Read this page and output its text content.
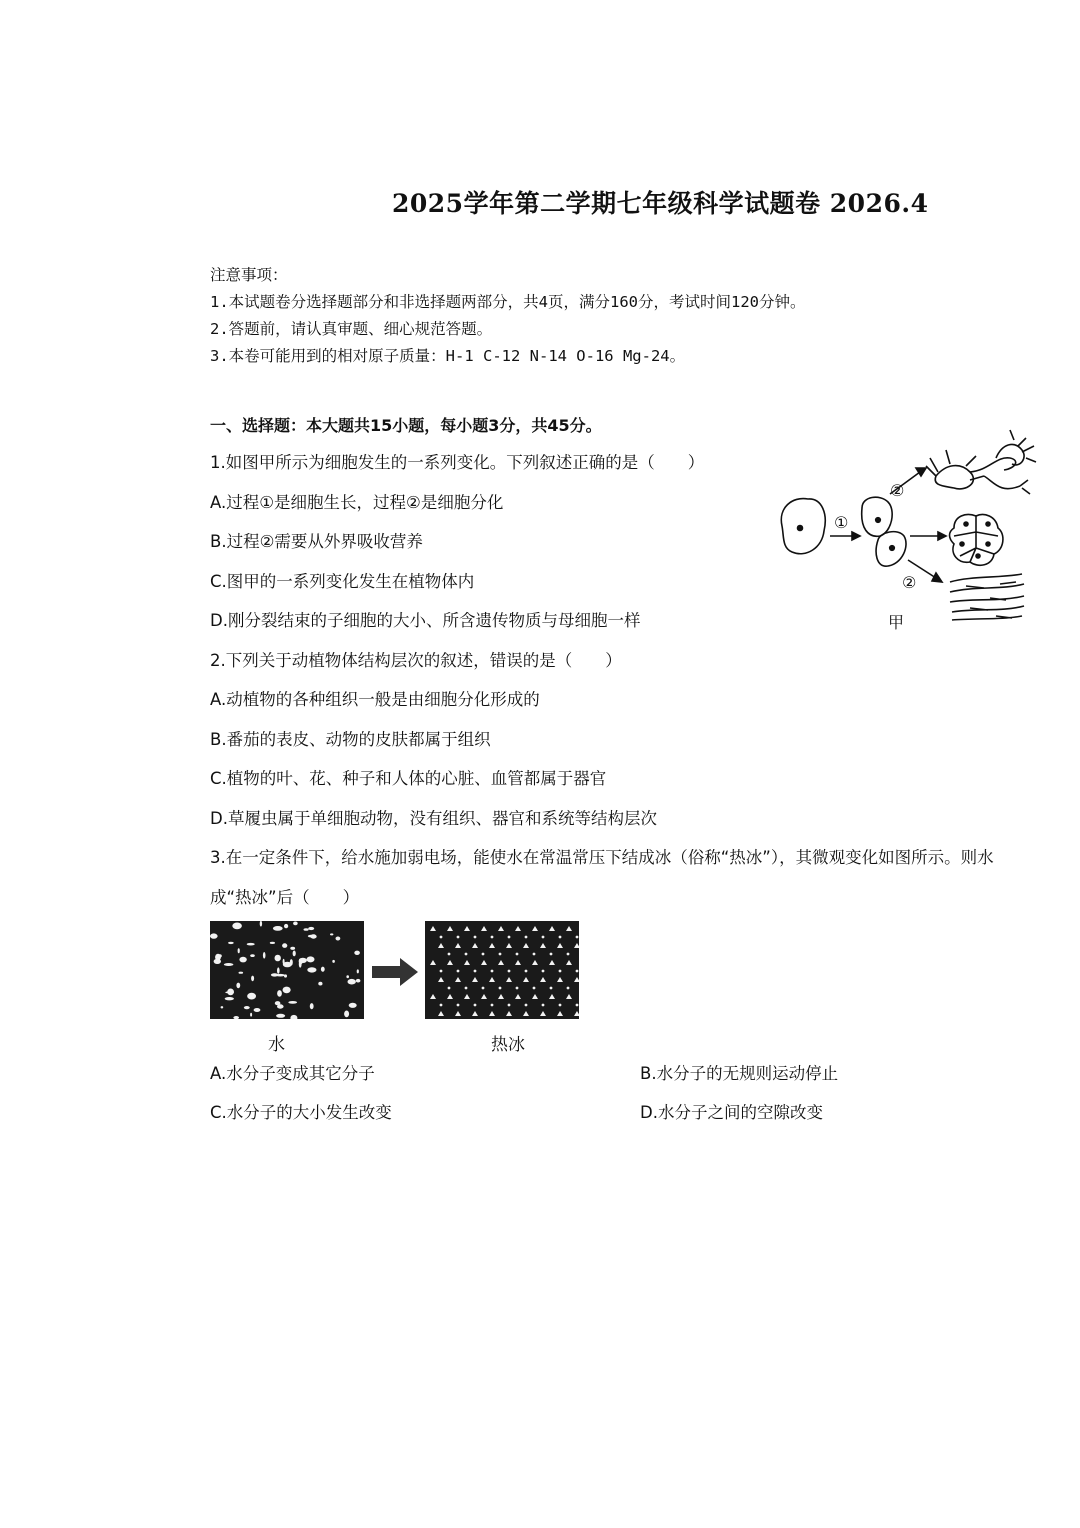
2025学年第二学期七年级科学试题卷 2026.4
注意事项：
1.本试题卷分选择题部分和非选择题两部分，共4页，满分160分，考试时间120分钟。
2.答题前，请认真审题、细心规范答题。
3.本卷可能用到的相对原子质量：H-1 C-12 N-14 O-16 Mg-24。
一、选择题：本大题共15小题，每小题3分，共45分。
1.如图甲所示为细胞发生的一系列变化。下列叙述正确的是（　　）
A.过程①是细胞生长，过程②是细胞分化
B.过程②需要从外界吸收营养
C.图甲的一系列变化发生在植物体内
D.刚分裂结束的子细胞的大小、所含遗传物质与母细胞一样
2.下列关于动植物体结构层次的叙述，错误的是（　　）
A.动植物的各种组织一般是由细胞分化形成的
B.番茄的表皮、动物的皮肤都属于组织
C.植物的叶、花、种子和人体的心脏、血管都属于器官
D.草履虫属于单细胞动物，没有组织、器官和系统等结构层次
3.在一定条件下，给水施加弱电场，能使水在常温常压下结成冰（俗称“热冰”），其微观变化如图所示。则水
成“热冰”后（　　）
①
②
②
甲
水	热冰
A.水分子变成其它分子	B.水分子的无规则运动停止
C.水分子的大小发生改变	D.水分子之间的空隙改变
